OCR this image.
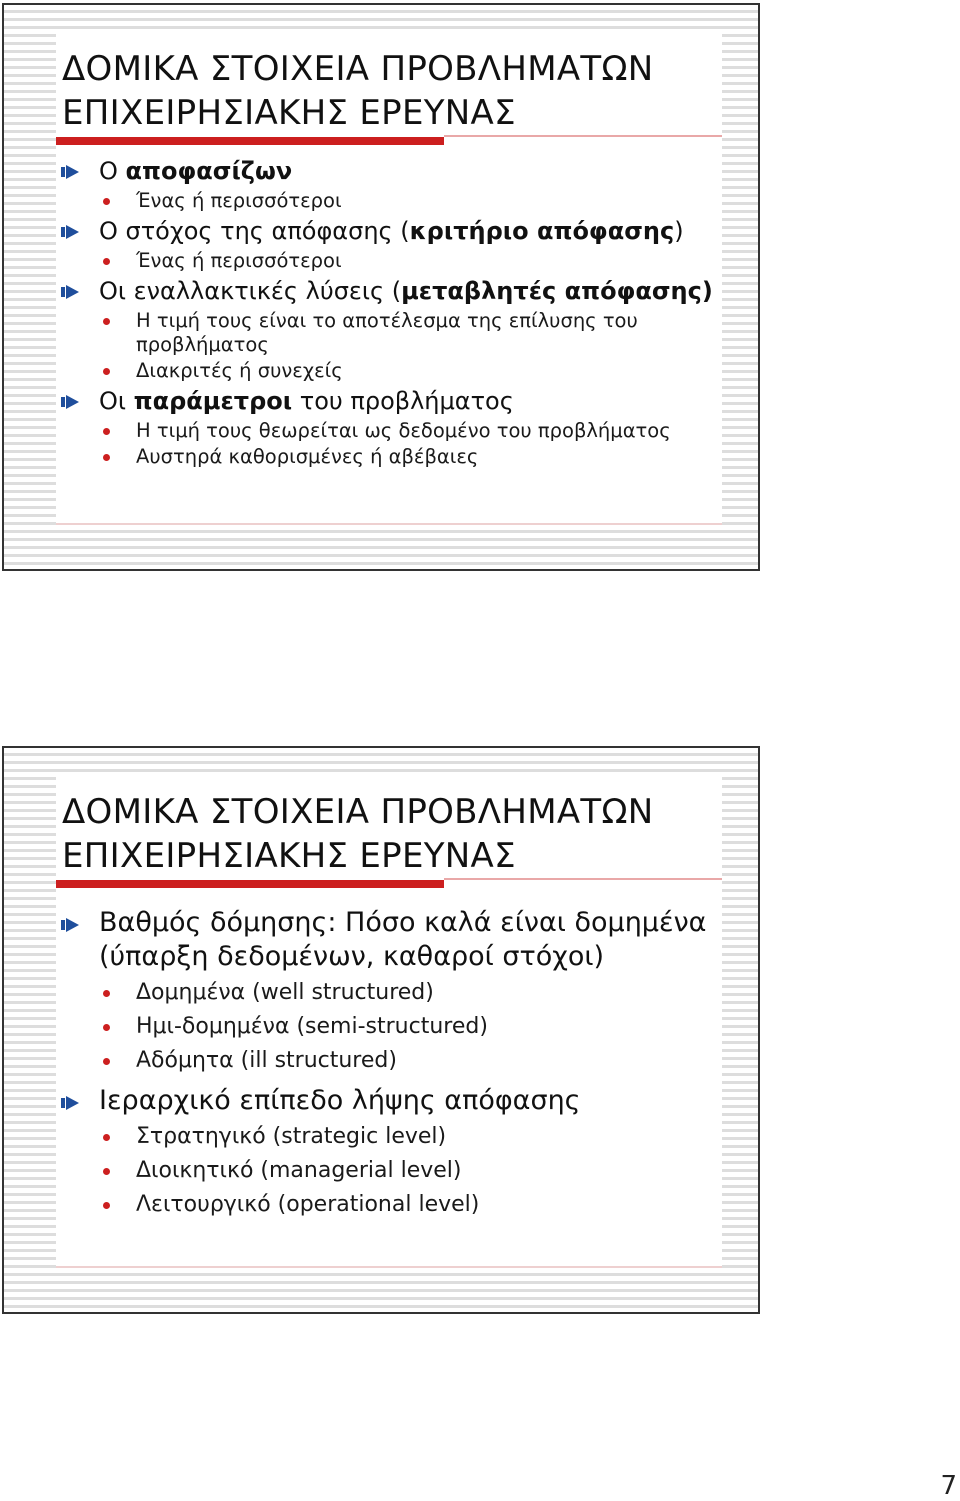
ΔΟΜΙΚΑ ΣΤΟΙΧΕΙΑ ΠΡΟΒΛΗΜΑΤΩΝ
ΕΠΙΧΕΙΡΗΣΙΑΚΗΣ ΕΡΕΥΝΑΣ
Ο αποφασίζων
Ένας ή περισσότεροι
Ο στόχος της απόφασης (κριτήριο απόφασης)
Ένας ή περισσότεροι
Οι εναλλακτικές λύσεις (μεταβλητές απόφασης)
Η τιμή τους είναι το αποτέλεσμα της επίλυσης του προβλήματος
Διακριτές ή συνεχείς
Οι παράμετροι του προβλήματος
Η τιμή τους θεωρείται ως δεδομένο του προβλήματος
Αυστηρά καθορισμένες ή αβέβαιες
ΔΟΜΙΚΑ ΣΤΟΙΧΕΙΑ ΠΡΟΒΛΗΜΑΤΩΝ
ΕΠΙΧΕΙΡΗΣΙΑΚΗΣ ΕΡΕΥΝΑΣ
Βαθμός δόμησης: Πόσο καλά είναι δομημένα (ύπαρξη δεδομένων, καθαροί στόχοι)
Δομημένα (well structured)
Ημι-δομημένα (semi-structured)
Αδόμητα (ill structured)
Ιεραρχικό επίπεδο λήψης απόφασης
Στρατηγικό (strategic level)
Διοικητικό (managerial level)
Λειτουργικό (operational level)
7
